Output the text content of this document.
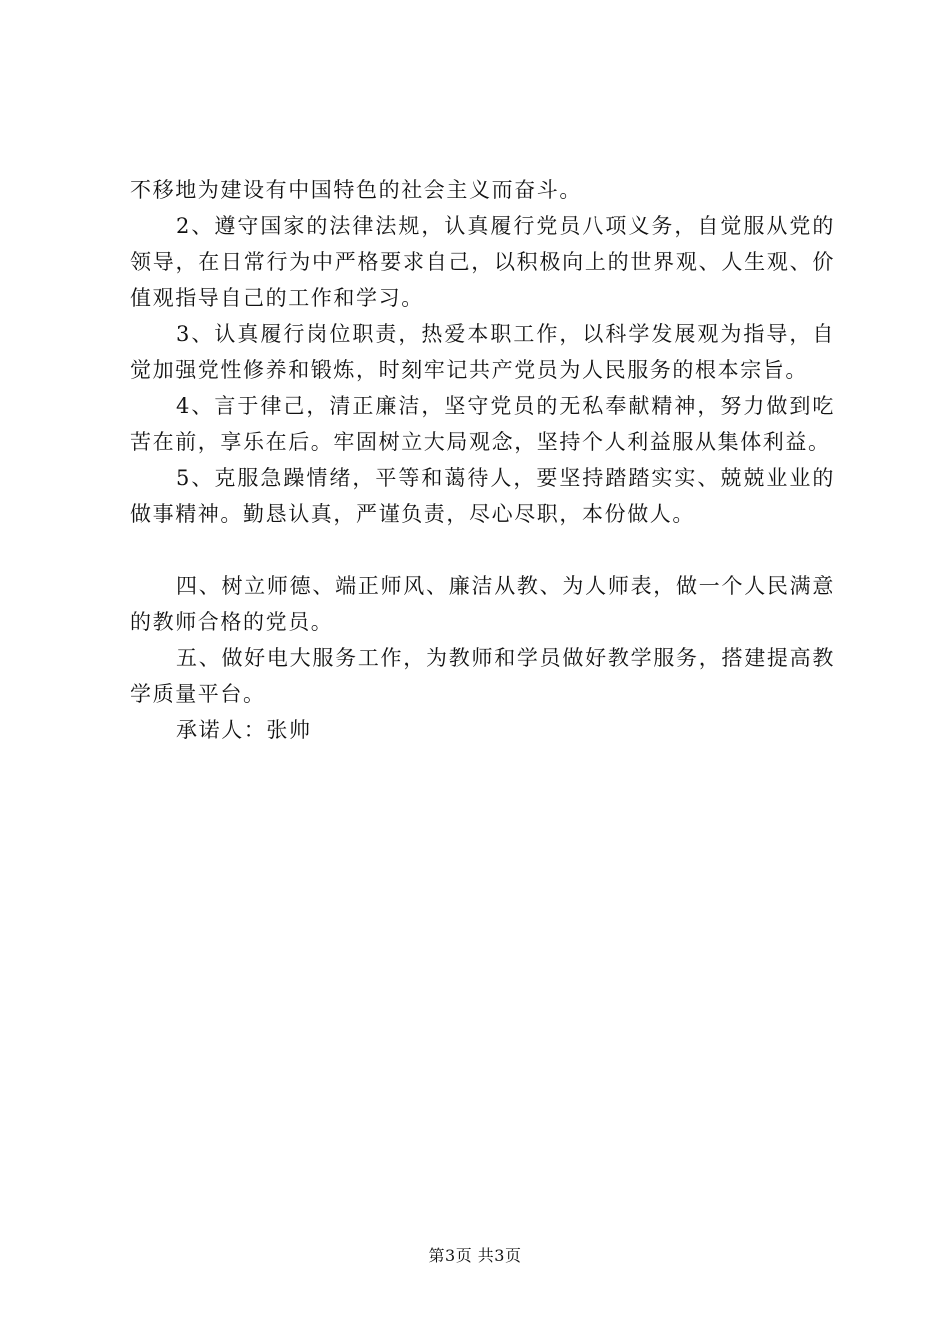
不移地为建设有中国特色的社会主义而奋斗。

2、遵守国家的法律法规，认真履行党员八项义务，自觉服从党的领导，在日常行为中严格要求自己，以积极向上的世界观、人生观、价值观指导自己的工作和学习。

3、认真履行岗位职责，热爱本职工作，以科学发展观为指导，自觉加强党性修养和锻炼，时刻牢记共产党员为人民服务的根本宗旨。

4、言于律己，清正廉洁，坚守党员的无私奉献精神，努力做到吃苦在前，享乐在后。牢固树立大局观念，坚持个人利益服从集体利益。

5、克服急躁情绪，平等和蔼待人，要坚持踏踏实实、兢兢业业的做事精神。勤恳认真，严谨负责，尽心尽职，本份做人。

四、树立师德、端正师风、廉洁从教、为人师表，做一个人民满意的教师合格的党员。

五、做好电大服务工作，为教师和学员做好教学服务，搭建提高教学质量平台。

承诺人：张帅

第3页 共3页
